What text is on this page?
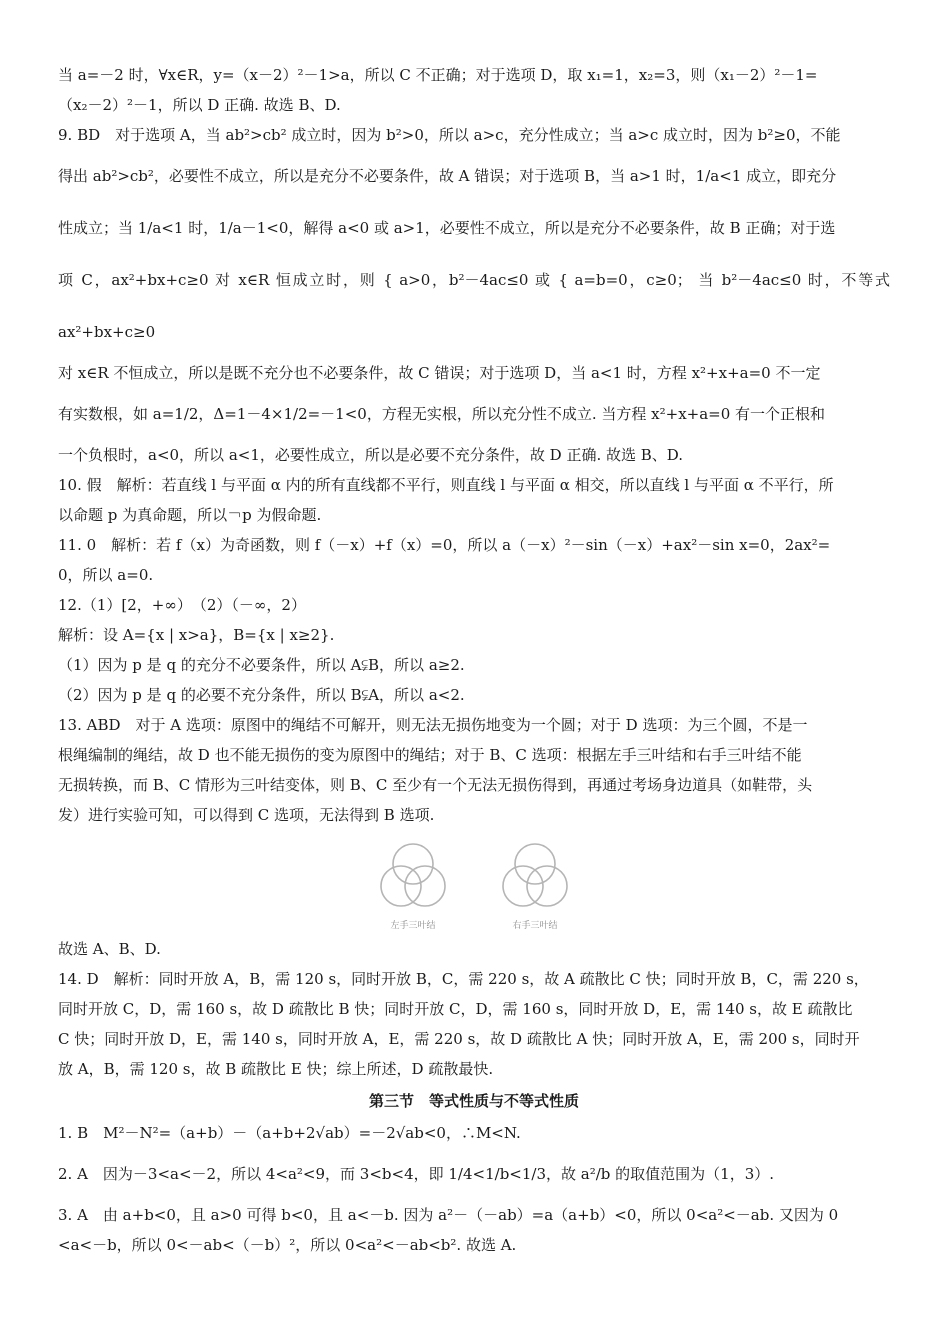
当 a=－2 时，∀x∈R，y=（x－2）²－1>a，所以 C 不正确；对于选项 D，取 x₁=1，x₂=3，则（x₁－2）²－1=

（x₂－2）²－1，所以 D 正确. 故选 B、D.

9. BD　对于选项 A，当 ab²>cb² 成立时，因为 b²>0，所以 a>c，充分性成立；当 a>c 成立时，因为 b²≥0，不能

得出 ab²>cb²，必要性不成立，所以是充分不必要条件，故 A 错误；对于选项 B，当 a>1 时，1/a<1 成立，即充分

性成立；当 1/a<1 时，1/a－1<0，解得 a<0 或 a>1，必要性不成立，所以是充分不必要条件，故 B 正确；对于选

项 C，ax²+bx+c≥0 对 x∈R 恒成立时，则 { a>0，b²－4ac≤0 或 { a=b=0，c≥0； 当 b²－4ac≤0 时，不等式 ax²+bx+c≥0

对 x∈R 不恒成立，所以是既不充分也不必要条件，故 C 错误；对于选项 D，当 a<1 时，方程 x²+x+a=0 不一定

有实数根，如 a=1/2，Δ=1－4×1/2=－1<0，方程无实根，所以充分性不成立. 当方程 x²+x+a=0 有一个正根和

一个负根时，a<0，所以 a<1，必要性成立，所以是必要不充分条件，故 D 正确. 故选 B、D.

10. 假　解析：若直线 l 与平面 α 内的所有直线都不平行，则直线 l 与平面 α 相交，所以直线 l 与平面 α 不平行，所

以命题 p 为真命题，所以￢p 为假命题.

11. 0　解析：若 f（x）为奇函数，则 f（－x）+f（x）=0，所以 a（－x）²－sin（－x）+ax²－sin x=0，2ax²=

0，所以 a=0.

12.（1）[2，+∞）　（2）（－∞，2）

解析：设 A={x | x>a}，B={x | x≥2}.

（1）因为 p 是 q 的充分不必要条件，所以 A⫋B，所以 a≥2.

（2）因为 p 是 q 的必要不充分条件，所以 B⫋A，所以 a<2.

13. ABD　对于 A 选项：原图中的绳结不可解开，则无法无损伤地变为一个圆；对于 D 选项：为三个圆，不是一

根绳编制的绳结，故 D 也不能无损伤的变为原图中的绳结；对于 B、C 选项：根据左手三叶结和右手三叶结不能

无损转换，而 B、C 情形为三叶结变体，则 B、C 至少有一个无法无损伤得到，再通过考场身边道具（如鞋带，头

发）进行实验可知，可以得到 C 选项，无法得到 B 选项.

左手三叶结	右手三叶结

故选 A、B、D.

14. D　解析：同时开放 A，B，需 120 s，同时开放 B，C，需 220 s，故 A 疏散比 C 快；同时开放 B，C，需 220 s，

同时开放 C，D，需 160 s，故 D 疏散比 B 快；同时开放 C，D，需 160 s，同时开放 D，E，需 140 s，故 E 疏散比

C 快；同时开放 D，E，需 140 s，同时开放 A，E，需 220 s，故 D 疏散比 A 快；同时开放 A，E，需 200 s，同时开

放 A，B，需 120 s，故 B 疏散比 E 快；综上所述，D 疏散最快.

第三节　等式性质与不等式性质

1. B　M²－N²=（a+b）－（a+b+2√ab）=－2√ab<0，∴M<N.

2. A　因为－3<a<－2，所以 4<a²<9，而 3<b<4，即 1/4<1/b<1/3，故 a²/b 的取值范围为（1，3）.

3. A　由 a+b<0，且 a>0 可得 b<0，且 a<－b. 因为 a²－（－ab）=a（a+b）<0，所以 0<a²<－ab. 又因为 0

<a<－b，所以 0<－ab<（－b）²，所以 0<a²<－ab<b². 故选 A.
